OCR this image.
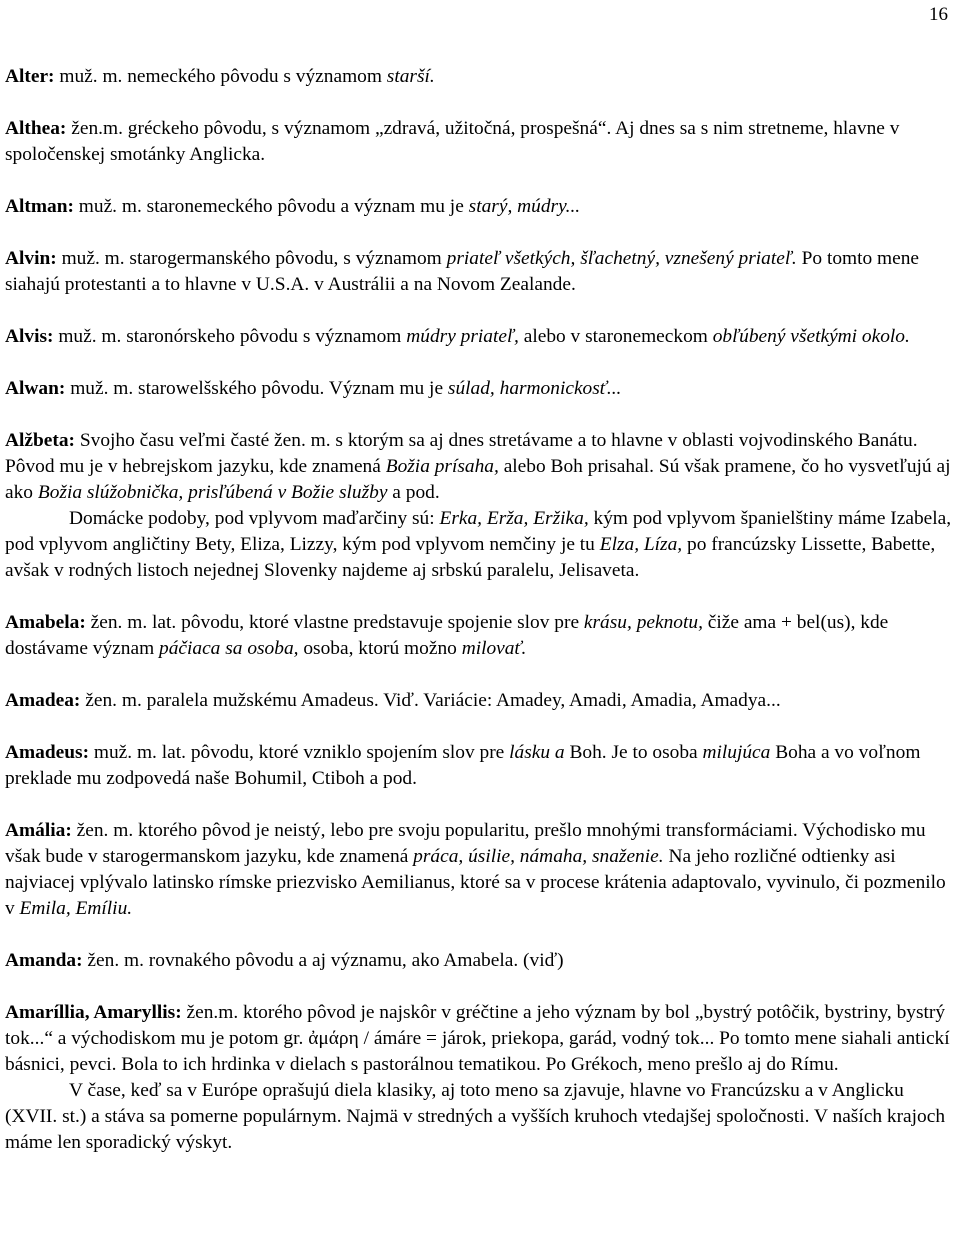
16

Alter: muž. m. nemeckého pôvodu s významom starší.

Althea: žen.m. gréckeho pôvodu, s významom „zdravá, užitočná, prospešná“. Aj dnes sa s nim stretneme, hlavne v spoločenskej smotánky Anglicka.

Altman: muž. m. staronemeckého pôvodu a význam mu je starý, múdry...

Alvin: muž. m. starogermanského pôvodu, s významom priateľ všetkých, šľachetný, vznešený priateľ. Po tomto mene siahajú protestanti a to hlavne v U.S.A. v Austrálii a na Novom Zealande.

Alvis: muž. m. staronórskeho pôvodu s významom múdry priateľ, alebo v staronemeckom obľúbený všetkými okolo.

Alwan: muž. m. starowelšského pôvodu. Význam mu je súlad, harmonickosť...

Alžbeta: Svojho času veľmi časté žen. m. s ktorým sa aj dnes stretávame a to hlavne v oblasti vojvodinského Banátu. Pôvod mu je v hebrejskom jazyku, kde znamená Božia prísaha, alebo Boh prisahal. Sú však pramene, čo ho vysvetľujú aj ako Božia slúžobnička, prisľúbená v Božie služby a pod.

Domácke podoby, pod vplyvom maďarčiny sú: Erka, Erža, Eržika, kým pod vplyvom španielštiny máme Izabela, pod vplyvom angličtiny Bety, Eliza, Lizzy, kým pod vplyvom nemčiny je tu Elza, Líza, po francúzsky Lissette, Babette, avšak v rodných listoch nejednej Slovenky najdeme aj srbskú paralelu, Jelisaveta.

Amabela: žen. m. lat. pôvodu, ktoré vlastne predstavuje spojenie slov pre krásu, peknotu, čiže ama + bel(us), kde dostávame význam páčiaca sa osoba, osoba, ktorú možno milovať.

Amadea: žen. m. paralela mužskému Amadeus. Viď. Variácie: Amadey, Amadi, Amadia, Amadya...

Amadeus: muž. m. lat. pôvodu, ktoré vzniklo spojením slov pre lásku a Boh. Je to osoba milujúca Boha a vo voľnom preklade mu zodpovedá naše Bohumil, Ctiboh a pod.

Amália: žen. m. ktorého pôvod je neistý, lebo pre svoju popularitu, prešlo mnohými transformáciami. Východisko mu však bude v starogermanskom jazyku, kde znamená práca, úsilie, námaha, snaženie. Na jeho rozličné odtienky asi najviacej vplývalo latinsko rímske priezvisko Aemilianus, ktoré sa v procese krátenia adaptovalo, vyvinulo, či pozmenilo v Emila, Emíliu.

Amanda: žen. m. rovnakého pôvodu a aj významu, ako Amabela. (viď)

Amaríllia, Amaryllis: žen.m. ktorého pôvod je najskôr v gréčtine a jeho význam by bol „bystrý potôčik, bystriny, bystrý tok...“ a východiskom mu je potom gr. ἀμάρη / ámáre = járok, priekopa, garád, vodný tok... Po tomto mene siahali antickí básnici, pevci. Bola to ich hrdinka v dielach s pastorálnou tematikou. Po Grékoch, meno prešlo aj do Rímu.

V čase, keď sa v Európe oprašujú diela klasiky, aj toto meno sa zjavuje, hlavne vo Francúzsku a v Anglicku (XVII. st.) a stáva sa pomerne populárnym. Najmä v stredných a vyšších kruhoch vtedajšej spoločnosti. V naších krajoch máme len sporadický výskyt.
